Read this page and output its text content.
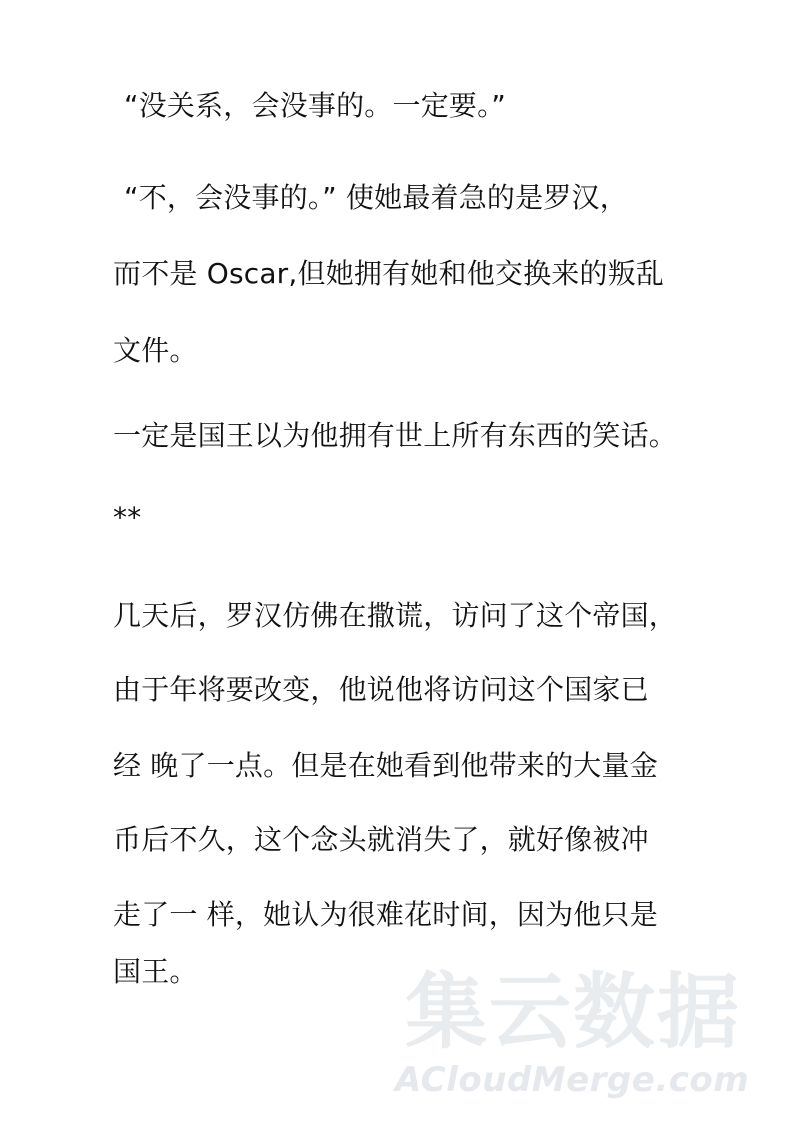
“没关系，会没事的。一定要。”
“不，会没事的。” 使她最着急的是罗汉，
而不是 Oscar,但她拥有她和他交换来的叛乱
文件。
一定是国王以为他拥有世上所有东西的笑话。
**
几天后，罗汉仿佛在撒谎，访问了这个帝国，
由于年将要改变，他说他将访问这个国家已
经 晚了一点。但是在她看到他带来的大量金
币后不久，这个念头就消失了，就好像被冲
走了一 样，她认为很难花时间，因为他只是
国王。	集云数据
ACloudMerge.com
